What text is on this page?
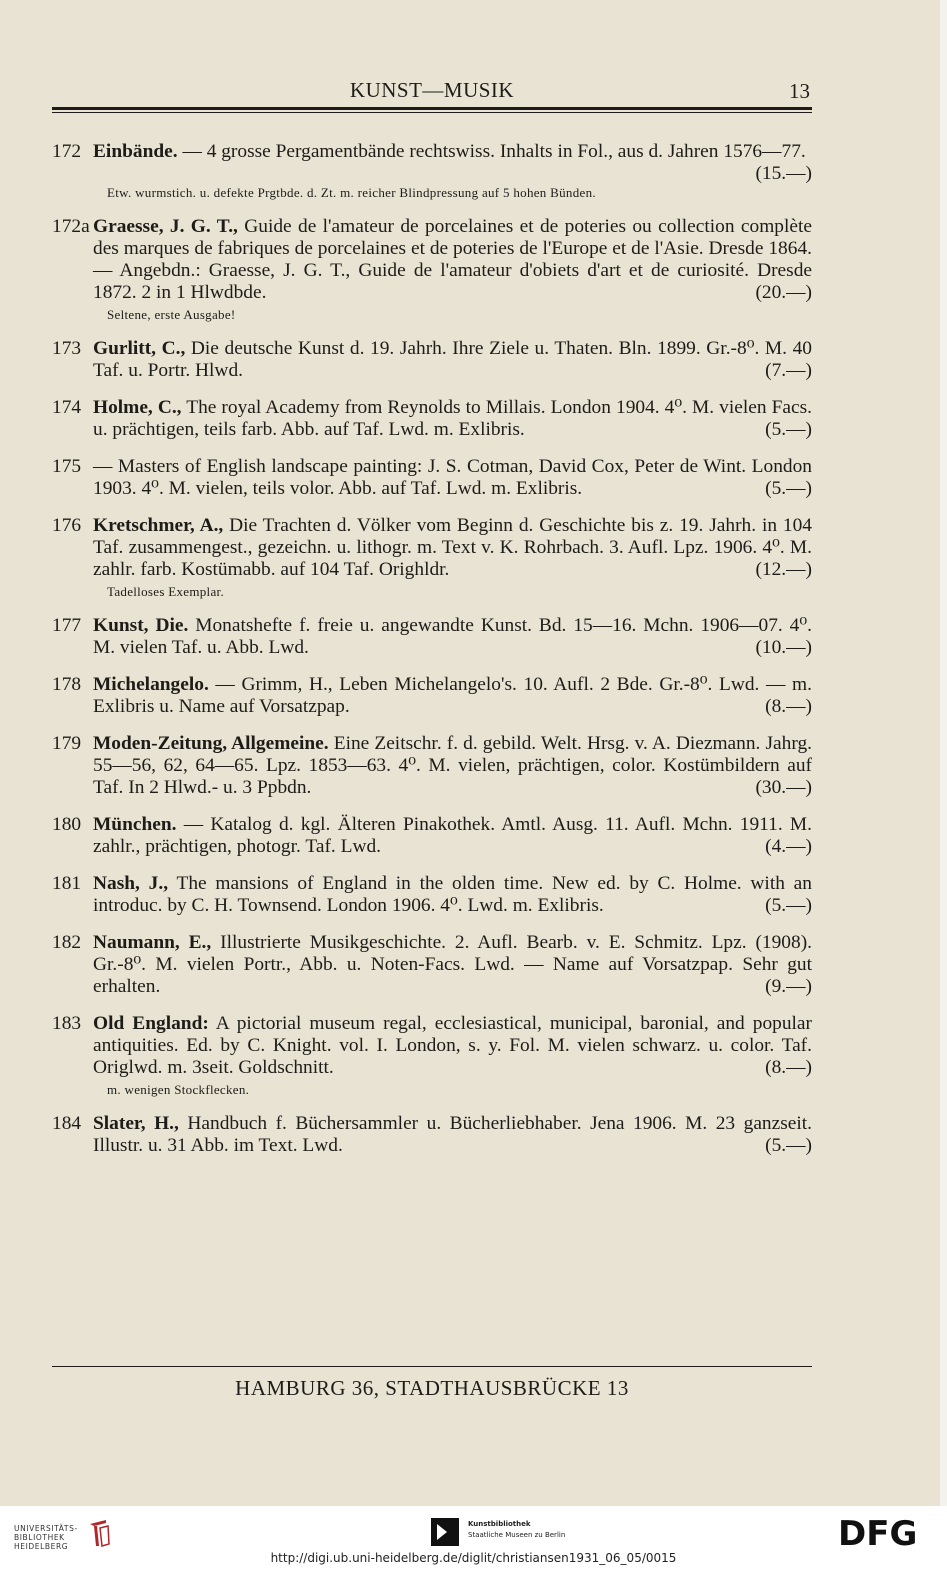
KUNST—MUSIK	13
172 Einbände. — 4 grosse Pergamentbände rechtswiss. Inhalts in Fol., aus d. Jahren 1576—77.
(15.—)
Etw. wurmstich. u. defekte Prgtbde. d. Zt. m. reicher Blindpressung auf 5 hohen Bünden.
172a Graesse, J. G. T., Guide de l'amateur de porcelaines et de poteries ou collection complète des marques de fabriques de porcelaines et de poteries de l'Europe et de l'Asie. Dresde 1864. — Angebdn.: Graesse, J. G. T., Guide de l'amateur d'obiets d'art et de curiosité. Dresde 1872. 2 in 1 Hlwdbde.	(20.—)
Seltene, erste Ausgabe!
173 Gurlitt, C., Die deutsche Kunst d. 19. Jahrh. Ihre Ziele u. Thaten. Bln. 1899. Gr.-8⁰. M. 40 Taf. u. Portr. Hlwd.	(7.—)
174 Holme, C., The royal Academy from Reynolds to Millais. London 1904. 4⁰. M. vielen Facs. u. prächtigen, teils farb. Abb. auf Taf. Lwd. m. Exlibris.	(5.—)
175 — Masters of English landscape painting: J. S. Cotman, David Cox, Peter de Wint. London 1903. 4⁰. M. vielen, teils volor. Abb. auf Taf. Lwd. m. Exlibris.	(5.—)
176 Kretschmer, A., Die Trachten d. Völker vom Beginn d. Geschichte bis z. 19. Jahrh. in 104 Taf. zusammengest., gezeichn. u. lithogr. m. Text v. K. Rohrbach. 3. Aufl. Lpz. 1906. 4⁰. M. zahlr. farb. Kostümabb. auf 104 Taf. Orighldr.	(12.—)
Tadelloses Exemplar.
177 Kunst, Die. Monatshefte f. freie u. angewandte Kunst. Bd. 15—16. Mchn. 1906—07. 4⁰. M. vielen Taf. u. Abb. Lwd.	(10.—)
178 Michelangelo. — Grimm, H., Leben Michelangelo's. 10. Aufl. 2 Bde. Gr.-8⁰. Lwd. — m. Exlibris u. Name auf Vorsatzpap.	(8.—)
179 Moden-Zeitung, Allgemeine. Eine Zeitschr. f. d. gebild. Welt. Hrsg. v. A. Diezmann. Jahrg. 55—56, 62, 64—65. Lpz. 1853—63. 4⁰. M. vielen, prächtigen, color. Kostümbildern auf Taf. In 2 Hlwd.- u. 3 Ppbdn.	(30.—)
180 München. — Katalog d. kgl. Älteren Pinakothek. Amtl. Ausg. 11. Aufl. Mchn. 1911. M. zahlr., prächtigen, photogr. Taf. Lwd.	(4.—)
181 Nash, J., The mansions of England in the olden time. New ed. by C. Holme. with an introduc. by C. H. Townsend. London 1906. 4⁰. Lwd. m. Exlibris.	(5.—)
182 Naumann, E., Illustrierte Musikgeschichte. 2. Aufl. Bearb. v. E. Schmitz. Lpz. (1908). Gr.-8⁰. M. vielen Portr., Abb. u. Noten-Facs. Lwd. — Name auf Vorsatzpap. Sehr gut erhalten.	(9.—)
183 Old England: A pictorial museum regal, ecclesiastical, municipal, baronial, and popular antiquities. Ed. by C. Knight. vol. I. London, s. y. Fol. M. vielen schwarz. u. color. Taf. Origlwd. m. 3seit. Goldschnitt.	(8.—)
m. wenigen Stockflecken.
184 Slater, H., Handbuch f. Büchersammler u. Bücherliebhaber. Jena 1906. M. 23 ganzseit. Illustr. u. 31 Abb. im Text. Lwd.	(5.—)
HAMBURG 36, STADTHAUSBRÜCKE 13
UNIVERSITÄTS-
BIBLIOTHEK
HEIDELBERG
Kunstbibliothek
Staatliche Museen zu Berlin	DFG
http://digi.ub.uni-heidelberg.de/diglit/christiansen1931_06_05/0015
